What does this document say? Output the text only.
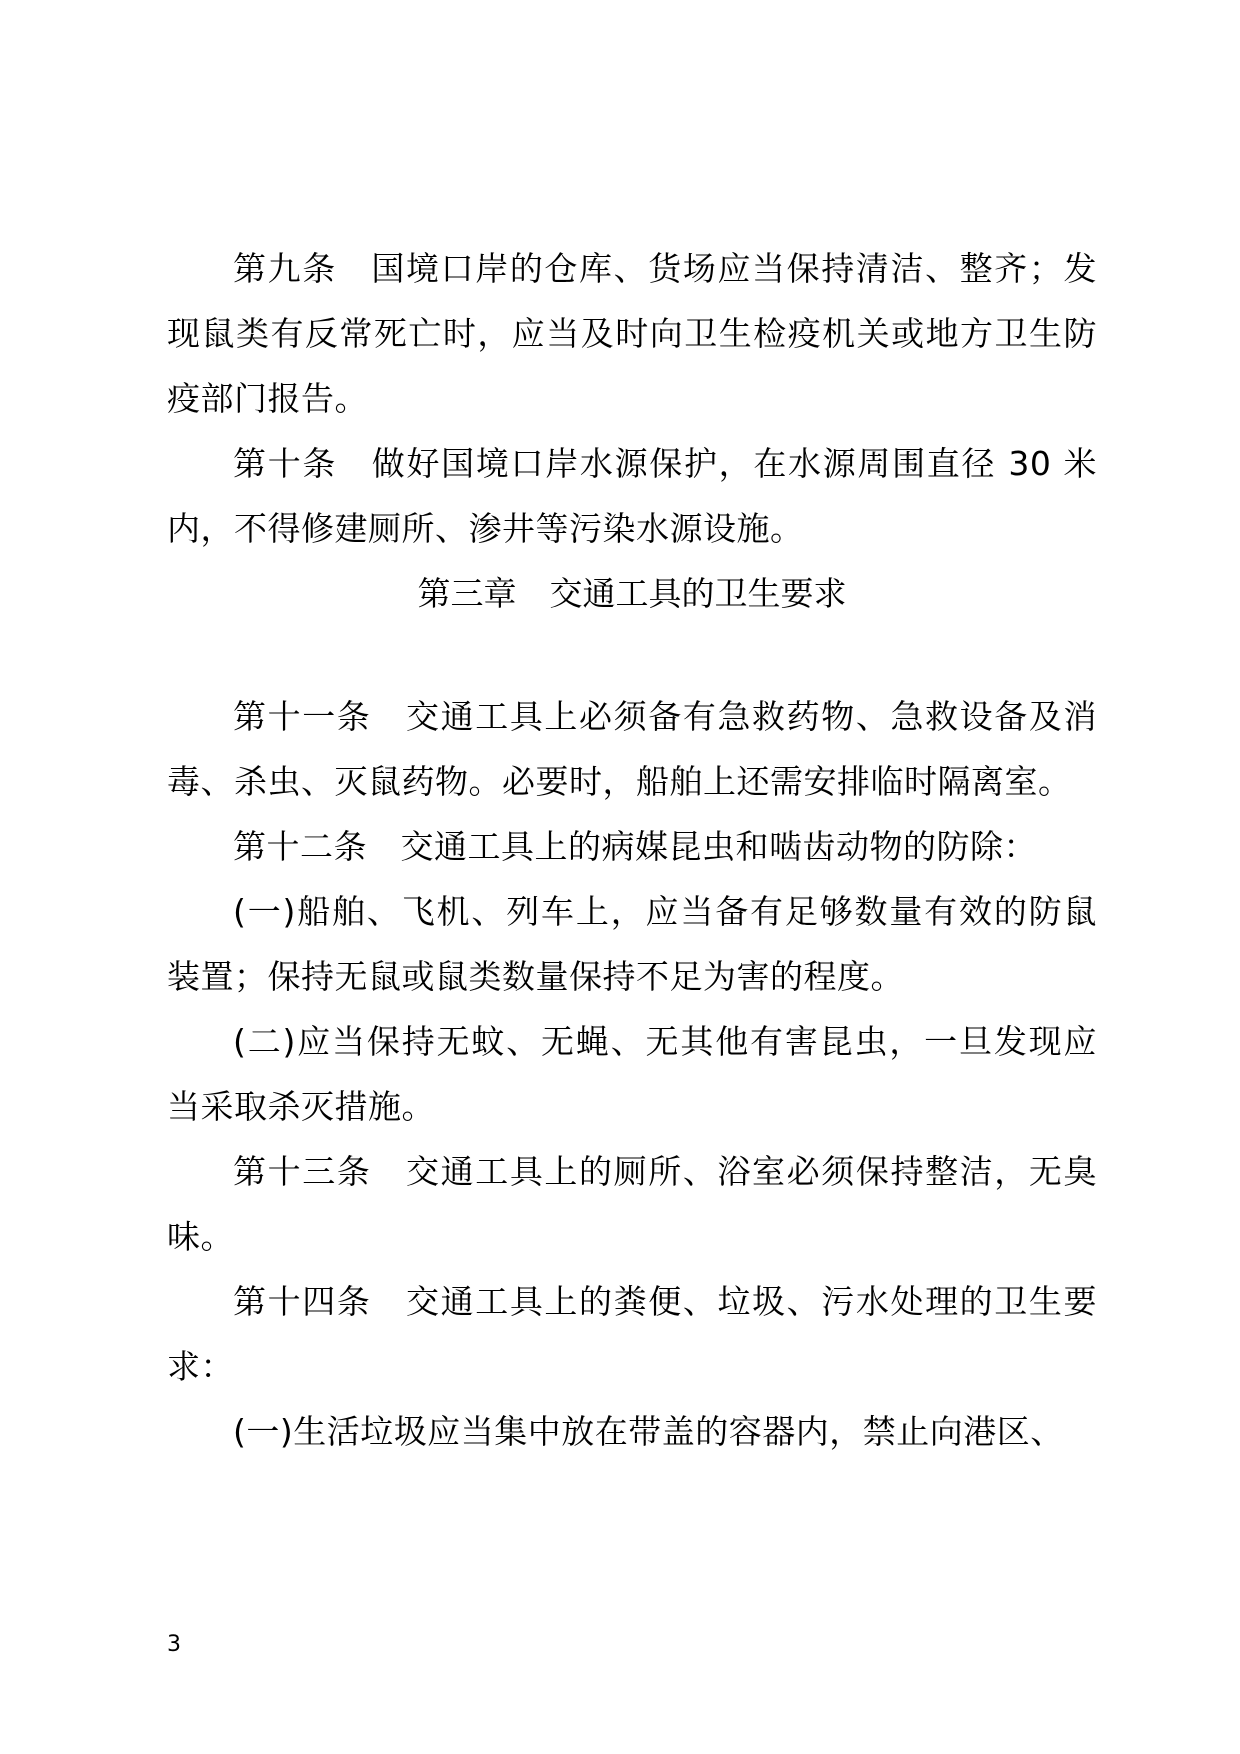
第九条　国境口岸的仓库、货场应当保持清洁、整齐；发现鼠类有反常死亡时，应当及时向卫生检疫机关或地方卫生防疫部门报告。

第十条　做好国境口岸水源保护，在水源周围直径 30 米内，不得修建厕所、渗井等污染水源设施。

第三章　交通工具的卫生要求

第十一条　交通工具上必须备有急救药物、急救设备及消毒、杀虫、灭鼠药物。必要时，船舶上还需安排临时隔离室。

第十二条　交通工具上的病媒昆虫和啮齿动物的防除：

(一)船舶、飞机、列车上，应当备有足够数量有效的防鼠装置；保持无鼠或鼠类数量保持不足为害的程度。

(二)应当保持无蚊、无蝇、无其他有害昆虫，一旦发现应当采取杀灭措施。

第十三条　交通工具上的厕所、浴室必须保持整洁，无臭味。

第十四条　交通工具上的粪便、垃圾、污水处理的卫生要求：

(一)生活垃圾应当集中放在带盖的容器内，禁止向港区、

3
